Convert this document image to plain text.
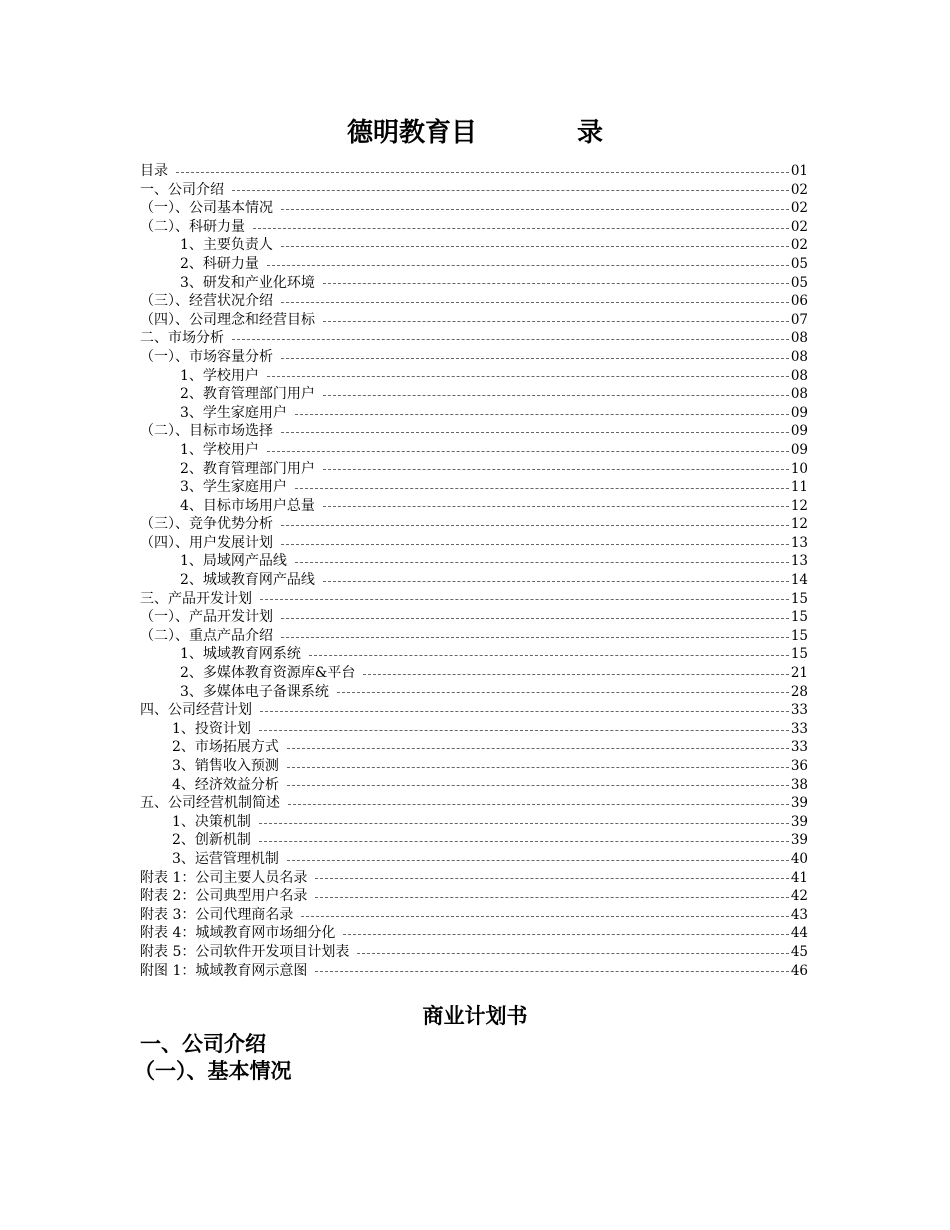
德明教育目	录
目录	01
一、公司介绍	02
（一）、公司基本情况	02
（二）、科研力量	02
1、主要负责人	02
2、科研力量	05
3、研发和产业化环境	05
（三）、经营状况介绍	06
（四）、公司理念和经营目标	07
二、市场分析	08
（一）、市场容量分析	08
1、学校用户	08
2、教育管理部门用户	08
3、学生家庭用户	09
（二）、目标市场选择	09
1、学校用户	09
2、教育管理部门用户	10
3、学生家庭用户	11
4、目标市场用户总量	12
（三）、竞争优势分析	12
（四）、用户发展计划	13
1、局域网产品线	13
2、城域教育网产品线	14
三、产品开发计划	15
（一）、产品开发计划	15
（二）、重点产品介绍	15
1、城域教育网系统	15
2、多媒体教育资源库&平台	21
3、多媒体电子备课系统	28
四、公司经营计划	33
1、投资计划	33
2、市场拓展方式	33
3、销售收入预测	36
4、经济效益分析	38
五、公司经营机制简述	39
1、决策机制	39
2、创新机制	39
3、运营管理机制	40
附表 1：公司主要人员名录	41
附表 2：公司典型用户名录	42
附表 3：公司代理商名录	43
附表 4：城域教育网市场细分化	44
附表 5：公司软件开发项目计划表	45
附图 1：城域教育网示意图	46
商业计划书
一、公司介绍
（一）、基本情况
